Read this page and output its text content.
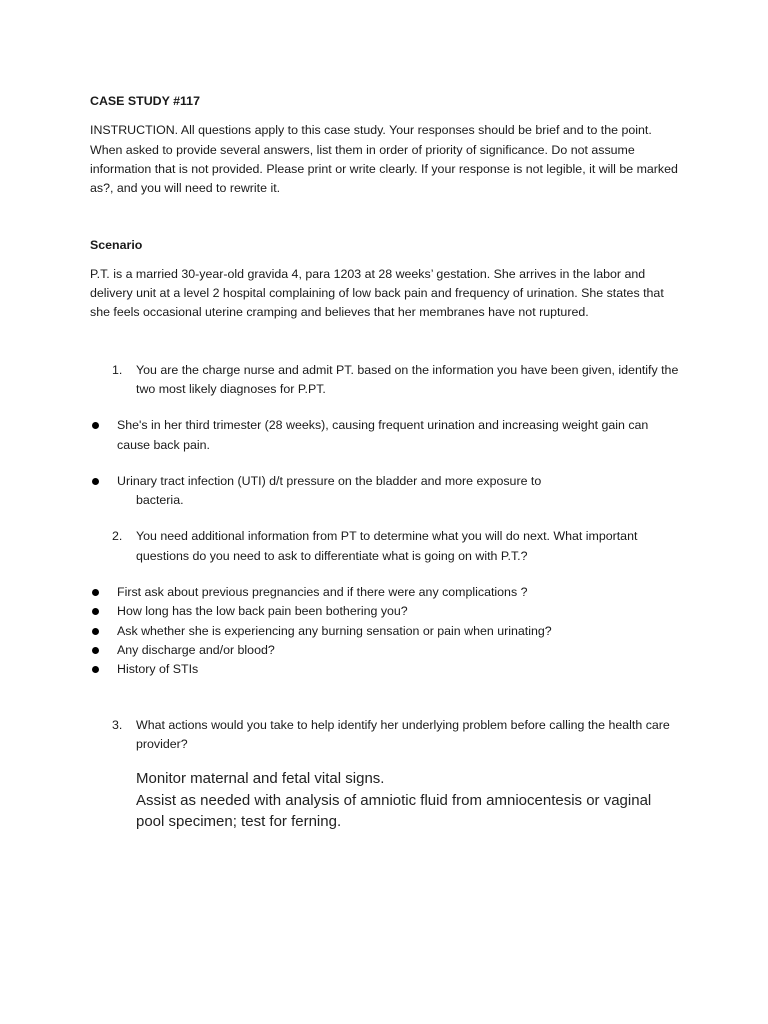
CASE STUDY #117

INSTRUCTION. All questions apply to this case study. Your responses should be brief and to the point. When asked to provide several answers, list them in order of priority of significance. Do not assume information that is not provided. Please print or write clearly. If your response is not legible, it will be marked as?, and you will need to rewrite it.

Scenario

P.T. is a married 30-year-old gravida 4, para 1203 at 28 weeks’ gestation. She arrives in the labor and delivery unit at a level 2 hospital complaining of low back pain and frequency of urination. She states that she feels occasional uterine cramping and believes that her membranes have not ruptured.

1. You are the charge nurse and admit PT. based on the information you have been given, identify the two most likely diagnoses for P.PT.
She's in her third trimester (28 weeks), causing frequent urination and increasing weight gain can cause back pain.
Urinary tract infection (UTI) d/t pressure on the bladder and more exposure to
bacteria.
2. You need additional information from PT to determine what you will do next. What important questions do you need to ask to differentiate what is going on with P.T.?
First ask about previous pregnancies and if there were any complications ?
How long has the low back pain been bothering you?
Ask whether she is experiencing any burning sensation or pain when urinating?
Any discharge and/or blood?
History of STIs
3. What actions would you take to help identify her underlying problem before calling the health care provider?
Monitor maternal and fetal vital signs.
Assist as needed with analysis of amniotic fluid from amniocentesis or vaginal pool specimen; test for ferning.
